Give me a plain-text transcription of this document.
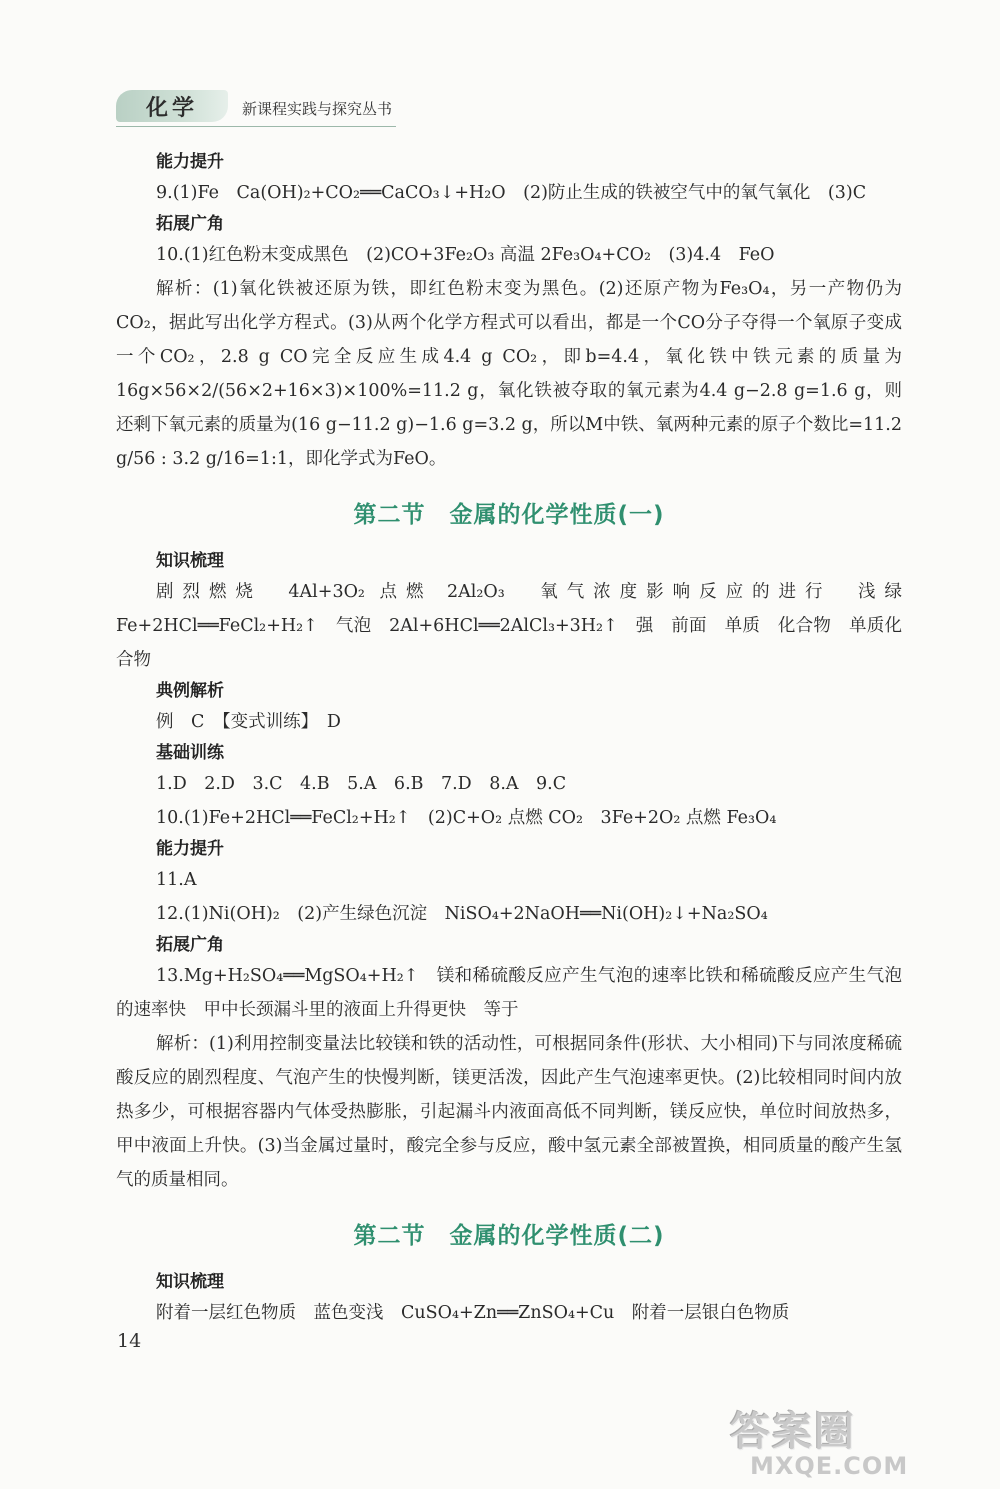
化学	新课程实践与探究丛书
能力提升
9.(1)Fe　Ca(OH)₂+CO₂══CaCO₃↓+H₂O　(2)防止生成的铁被空气中的氧气氧化　(3)C
拓展广角
10.(1)红色粉末变成黑色　(2)CO+3Fe₂O₃ 高温 2Fe₃O₄+CO₂　(3)4.4　FeO
解析：(1)氧化铁被还原为铁，即红色粉末变为黑色。(2)还原产物为Fe₃O₄，另一产物仍为CO₂，据此写出化学方程式。(3)从两个化学方程式可以看出，都是一个CO分子夺得一个氧原子变成一个CO₂，2.8 g CO完全反应生成4.4 g CO₂，即b=4.4，氧化铁中铁元素的质量为16g×56×2/(56×2+16×3)×100%=11.2 g，氧化铁被夺取的氧元素为4.4 g−2.8 g=1.6 g，则还剩下氧元素的质量为(16 g−11.2 g)−1.6 g=3.2 g，所以M中铁、氧两种元素的原子个数比=11.2 g/56 : 3.2 g/16=1:1，即化学式为FeO。
第二节　金属的化学性质(一)
知识梳理
剧烈燃烧　4Al+3O₂ 点燃 2Al₂O₃　氧气浓度影响反应的进行　浅绿　Fe+2HCl══FeCl₂+H₂↑　气泡　2Al+6HCl══2AlCl₃+3H₂↑　强　前面　单质　化合物　单质化合物
典例解析
例　C　【变式训练】　D
基础训练
1.D　2.D　3.C　4.B　5.A　6.B　7.D　8.A　9.C
10.(1)Fe+2HCl══FeCl₂+H₂↑　(2)C+O₂ 点燃 CO₂　3Fe+2O₂ 点燃 Fe₃O₄
能力提升
11.A
12.(1)Ni(OH)₂　(2)产生绿色沉淀　NiSO₄+2NaOH══Ni(OH)₂↓+Na₂SO₄
拓展广角
13.Mg+H₂SO₄══MgSO₄+H₂↑　镁和稀硫酸反应产生气泡的速率比铁和稀硫酸反应产生气泡的速率快　甲中长颈漏斗里的液面上升得更快　等于
解析：(1)利用控制变量法比较镁和铁的活动性，可根据同条件(形状、大小相同)下与同浓度稀硫酸反应的剧烈程度、气泡产生的快慢判断，镁更活泼，因此产生气泡速率更快。(2)比较相同时间内放热多少，可根据容器内气体受热膨胀，引起漏斗内液面高低不同判断，镁反应快，单位时间放热多，甲中液面上升快。(3)当金属过量时，酸完全参与反应，酸中氢元素全部被置换，相同质量的酸产生氢气的质量相同。
第二节　金属的化学性质(二)
知识梳理
附着一层红色物质　蓝色变浅　CuSO₄+Zn══ZnSO₄+Cu　附着一层银白色物质
14
答案圈
MXQE.COM
